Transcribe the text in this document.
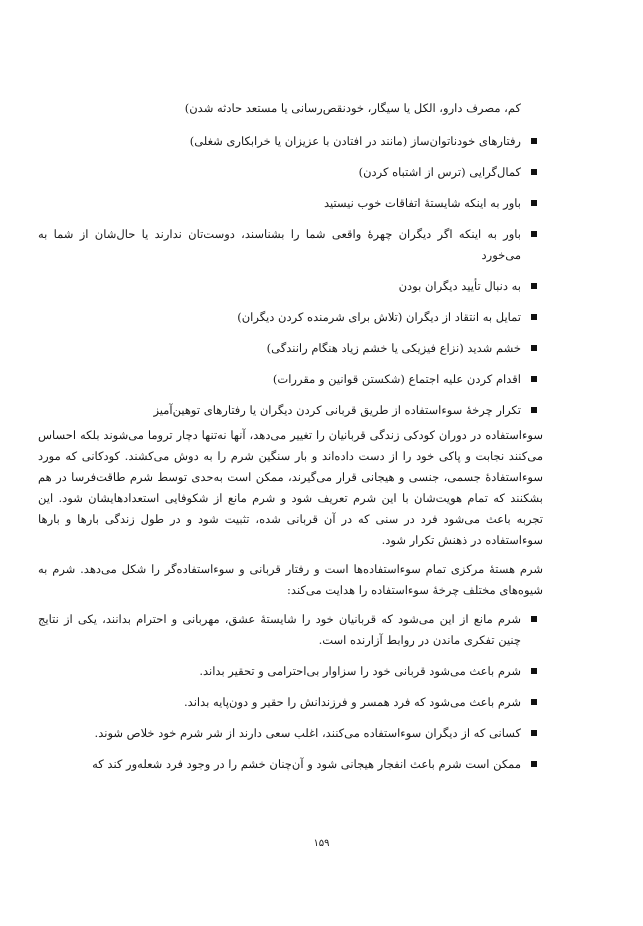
کم، مصرف دارو، الکل یا سیگار، خودنقص‌رسانی یا مستعد حادثه شدن)
رفتارهای خودناتوان‌ساز (مانند در افتادن با عزیزان یا خرابکاری شغلی)
کمال‌گرایی (ترس از اشتباه کردن)
باور به اینکه شایستهٔ اتفاقات خوب نیستید
باور به اینکه اگر دیگران چهرهٔ واقعی شما را بشناسند، دوست‌تان ندارند یا حال‌شان از شما به‌ می‌خورد
به دنبال تأیید دیگران بودن
تمایل به انتقاد از دیگران (تلاش برای شرمنده کردن دیگران)
خشم شدید (نزاع فیزیکی یا خشم زیاد هنگام رانندگی)
اقدام کردن علیه اجتماع (شکستن قوانین و مقررات)
تکرار چرخهٔ سوءاستفاده از طریق قربانی کردن دیگران یا رفتارهای توهین‌آمیز

سوءاستفاده در دوران کودکی زندگی قربانیان را تغییر می‌دهد، آنها نه‌تنها دچار تروما می‌شوند بلکه احساس می‌کنند نجابت و پاکی خود را از دست داده‌اند و بار سنگین شرم را به دوش می‌کشند. کودکانی که مورد سوءاستفادهٔ جسمی، جنسی و هیجانی قرار می‌گیرند، ممکن است به‌حدی توسط شرم طاقت‌فرسا در هم بشکنند که تمام هویت‌شان با این شرم تعریف شود و شرم مانع از شکوفایی استعدادهایشان شود. این تجربه باعث می‌شود فرد در سنی که در آن قربانی شده، تثبیت شود و در طول زندگی بارها و بارها سوءاستفاده در ذهنش تکرار شود.

شرم هستهٔ مرکزی تمام سوءاستفاده‌ها است و رفتار قربانی و سوءاستفاده‌گر را شکل می‌دهد. شرم به شیوه‌های مختلف چرخهٔ سوءاستفاده را هدایت می‌کند:

شرم مانع از این می‌شود که قربانیان خود را شایستهٔ عشق، مهربانی و احترام بدانند، یکی از نتایج چنین تفکری ماندن در روابط آزارنده است.
شرم باعث می‌شود قربانی خود را سزاوار بی‌احترامی و تحقیر بداند.
شرم باعث می‌شود که فرد همسر و فرزندانش را حقیر و دون‌پایه بداند.
کسانی که از دیگران سوءاستفاده می‌کنند، اغلب سعی دارند از شر شرم خود خلاص شوند.
ممکن است شرم باعث انفجار هیجانی شود و آن‌چنان خشم را در وجود فرد شعله‌ور کند که
۱۵۹
